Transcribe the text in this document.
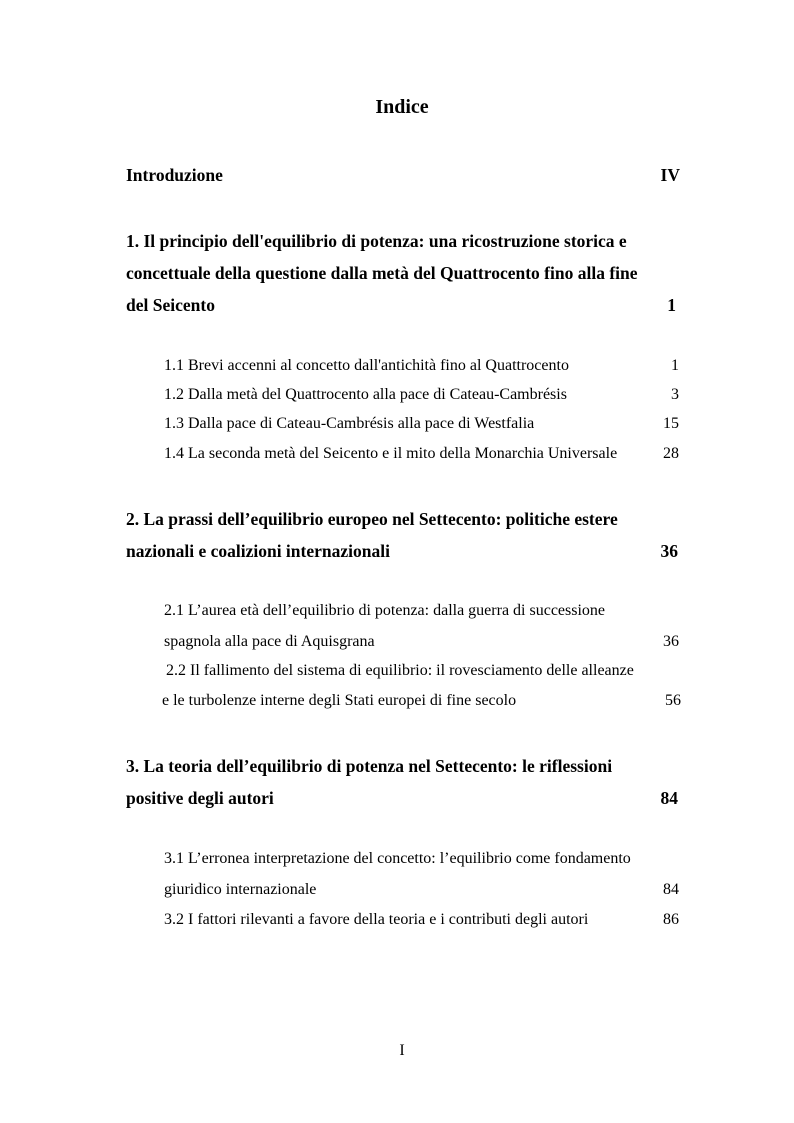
Indice
Introduzione	IV
1. Il principio dell'equilibrio di potenza: una ricostruzione storica e
concettuale della questione dalla metà del Quattrocento fino alla fine
del Seicento	1
1.1 Brevi accenni al concetto dall'antichità fino al Quattrocento	1
1.2 Dalla metà del Quattrocento alla pace di Cateau-Cambrésis	3
1.3 Dalla pace di Cateau-Cambrésis alla pace di Westfalia	15
1.4 La seconda metà del Seicento e il mito della Monarchia Universale	28
2. La prassi dell’equilibrio europeo nel Settecento: politiche estere
nazionali e coalizioni internazionali	36
2.1 L’aurea età dell’equilibrio di potenza: dalla guerra di successione
spagnola alla pace di Aquisgrana	36
2.2 Il fallimento del sistema di equilibrio: il rovesciamento delle alleanze
e le turbolenze interne degli Stati europei di fine secolo	56
3. La teoria dell’equilibrio di potenza nel Settecento: le riflessioni
positive degli autori	84
3.1 L’erronea interpretazione del concetto: l’equilibrio come fondamento
giuridico internazionale	84
3.2 I fattori rilevanti a favore della teoria e i contributi degli autori	86
I
